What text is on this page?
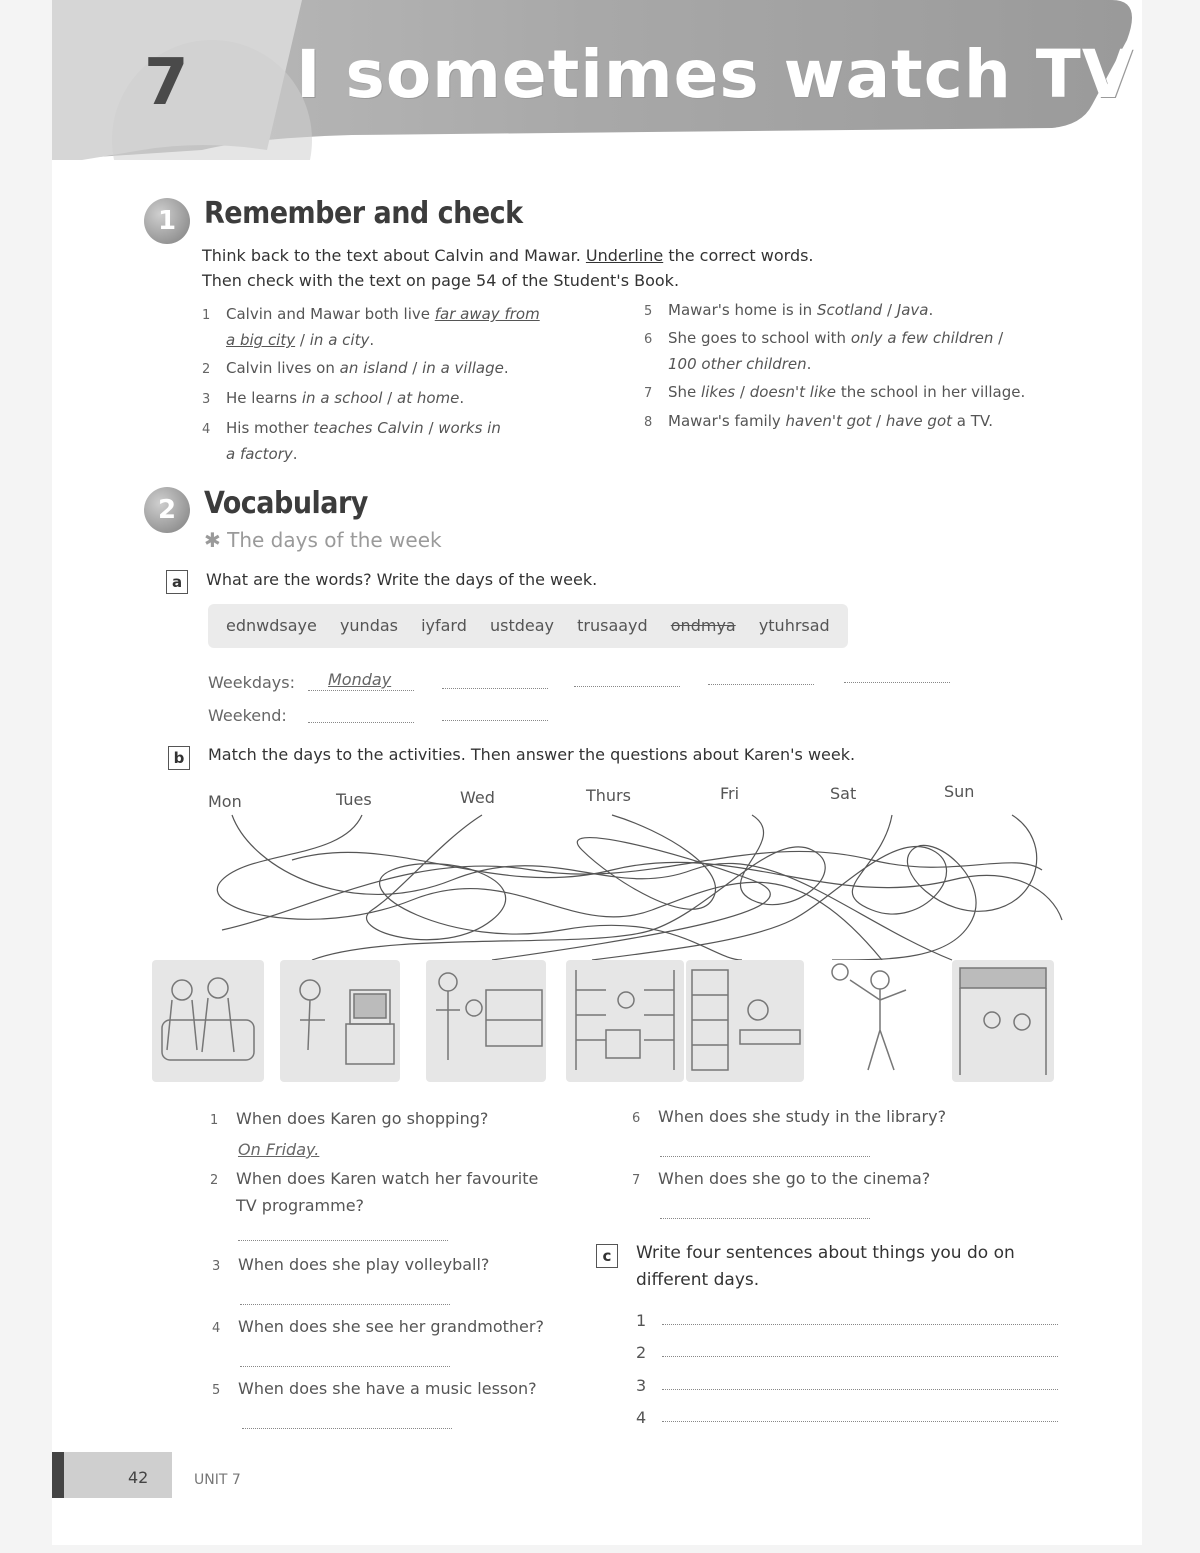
7 I sometimes watch TV
1 Remember and check
Think back to the text about Calvin and Mawar. Underline the correct words.
Then check with the text on page 54 of the Student's Book.
1 Calvin and Mawar both live far away from
a big city / in a city.
2 Calvin lives on an island / in a village.
3 He learns in a school / at home.
4 His mother teaches Calvin / works in
a factory.
5 Mawar's home is in Scotland / Java.
6 She goes to school with only a few children /
100 other children.
7 She likes / doesn't like the school in her village.
8 Mawar's family haven't got / have got a TV.
2 Vocabulary
✱ The days of the week
a	What are the words? Write the days of the week.
ednwdsaye yundas iyfard ustdeay trusaayd ondmya ytuhrsad
Weekdays: Monday
Weekend:
b	Match the days to the activities. Then answer the questions about Karen's week.
Mon	Tues	Wed	Thurs	Fri	Sat	Sun
1 When does Karen go shopping?
On Friday.
2 When does Karen watch her favourite
TV programme?
3 When does she play volleyball?
4 When does she see her grandmother?
5 When does she have a music lesson?
6 When does she study in the library?
7 When does she go to the cinema?
c	Write four sentences about things you do on
different days.
1
2
3
4
42	UNIT 7
